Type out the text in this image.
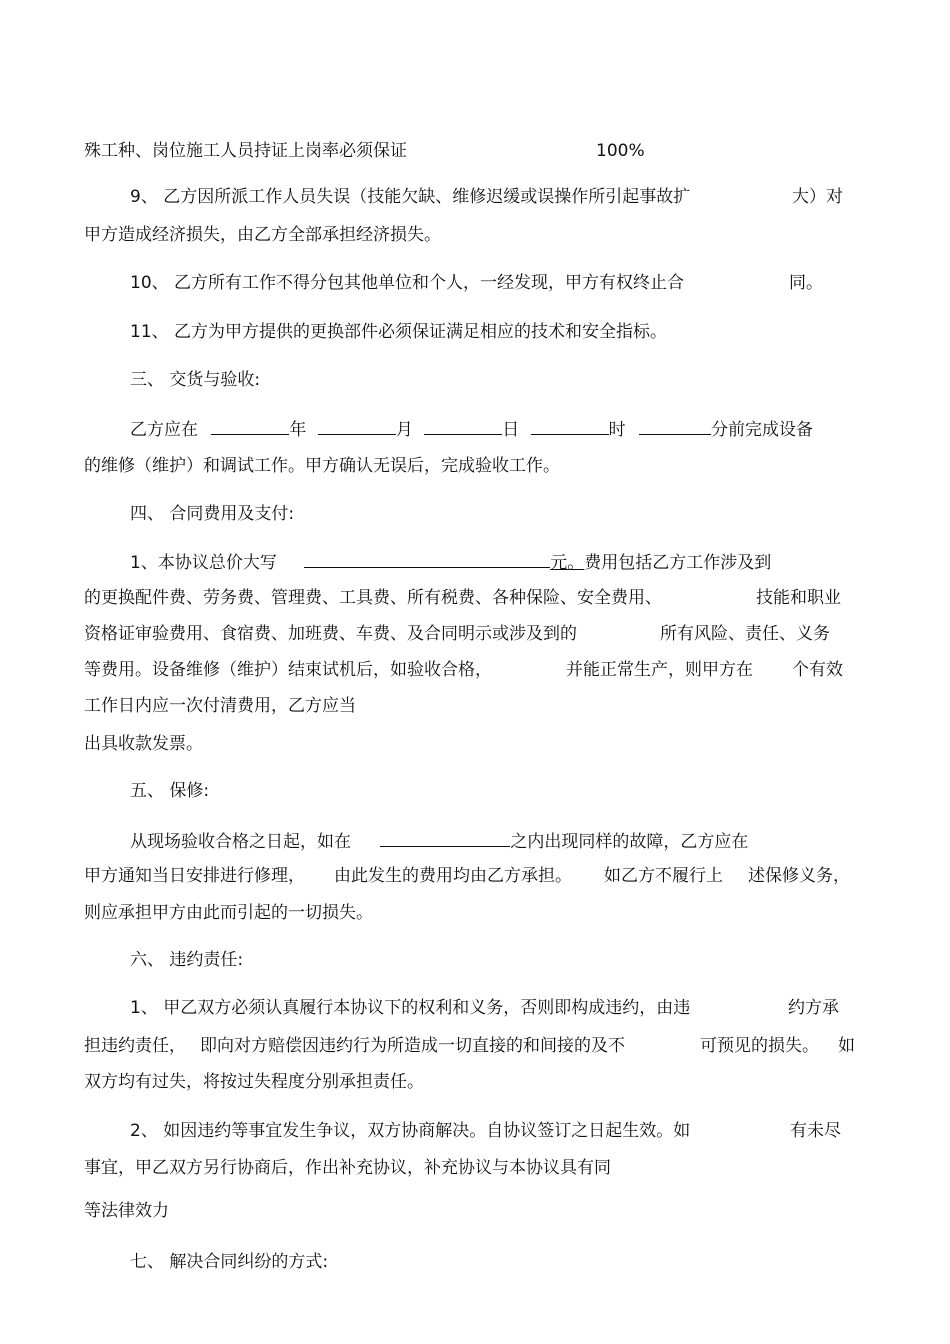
殊工种、岗位施工人员持证上岗率必须保证	100%
9、 乙方因所派工作人员失误（技能欠缺、维修迟缓或误操作所引起事故扩	大）对
甲方造成经济损失，由乙方全部承担经济损失。
10、 乙方所有工作不得分包其他单位和个人，一经发现，甲方有权终止合	同。
11、 乙方为甲方提供的更换部件必须保证满足相应的技术和安全指标。
三、 交货与验收:
乙方应在	年	月	日	时	分前完成设备
的维修（维护）和调试工作。甲方确认无误后，完成验收工作。
四、 合同费用及支付:
1、本协议总价大写	元。费用包括乙方工作涉及到
的更换配件费、劳务费、管理费、工具费、所有税费、各种保险、安全费用、	技能和职业
资格证审验费用、食宿费、加班费、车费、及合同明示或涉及到的	所有风险、责任、义务
等费用。设备维修（维护）结束试机后，如验收合格，	并能正常生产，则甲方在 个有效
工作日内应一次付清费用，乙方应当
出具收款发票。
五、 保修:
从现场验收合格之日起，如在	之内出现同样的故障，乙方应在
甲方通知当日安排进行修理， 由此发生的费用均由乙方承担。 如乙方不履行上 述保修义务，
则应承担甲方由此而引起的一切损失。
六、 违约责任:
1、 甲乙双方必须认真履行本协议下的权利和义务，否则即构成违约，由违	约方承
担违约责任， 即向对方赔偿因违约行为所造成一切直接的和间接的及不	可预见的损失。 如
双方均有过失，将按过失程度分别承担责任。
2、 如因违约等事宜发生争议，双方协商解决。自协议签订之日起生效。如	有未尽
事宜，甲乙双方另行协商后，作出补充协议，补充协议与本协议具有同
等法律效力
七、 解决合同纠纷的方式:
